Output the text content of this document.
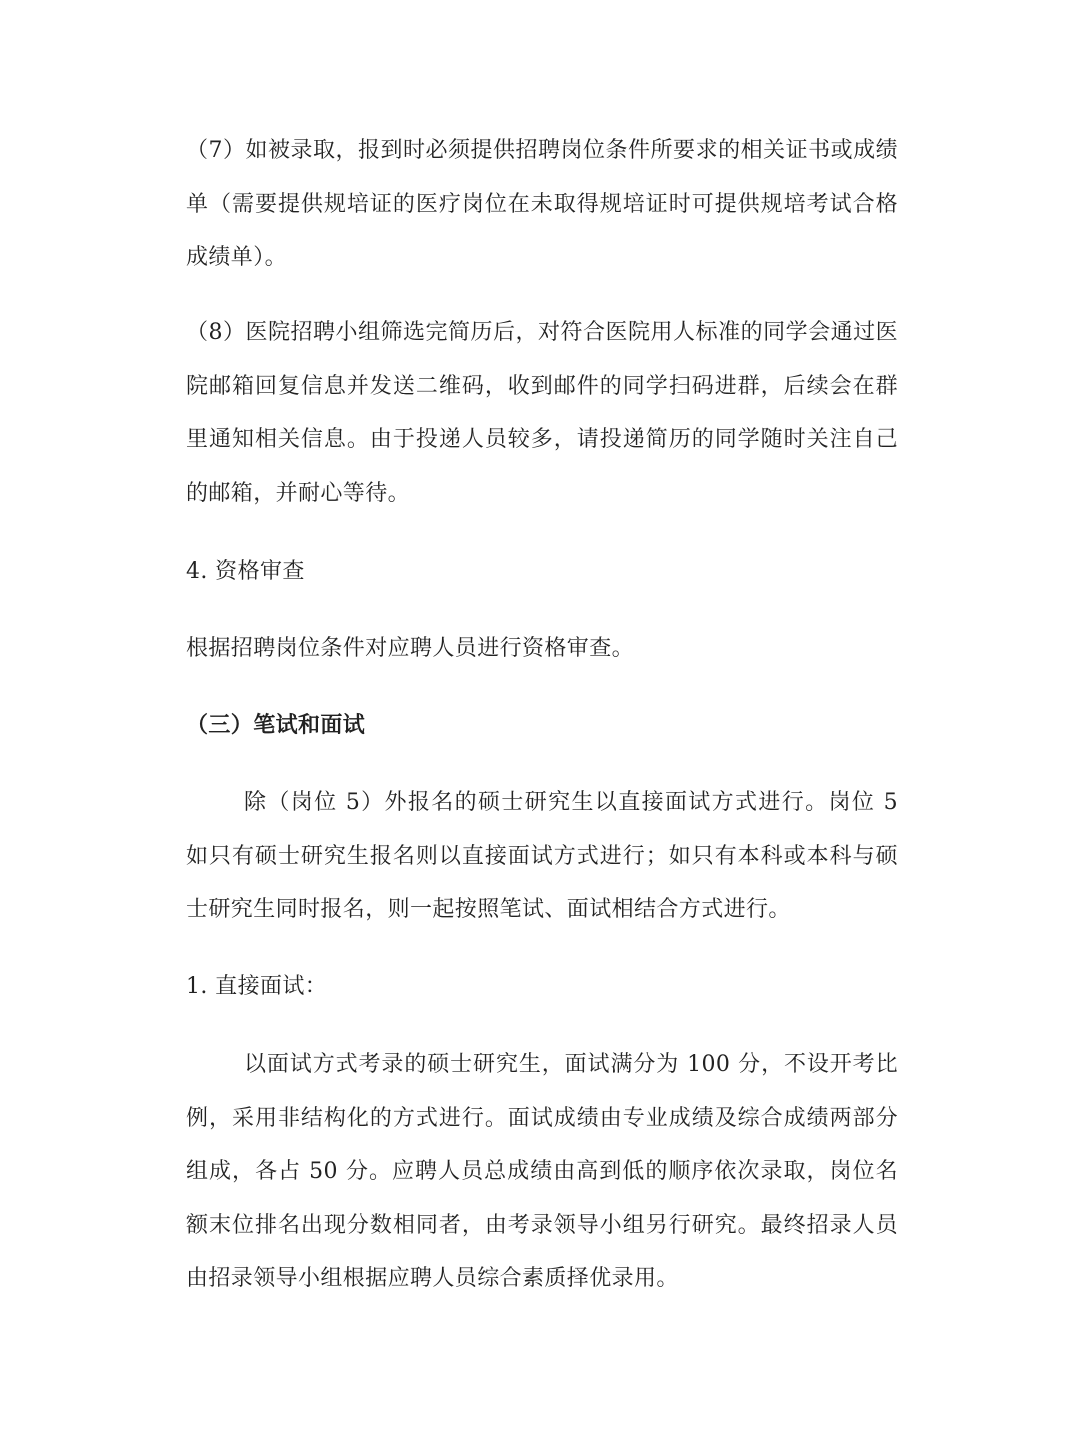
（7）如被录取，报到时必须提供招聘岗位条件所要求的相关证书或成绩单（需要提供规培证的医疗岗位在未取得规培证时可提供规培考试合格成绩单）。

（8）医院招聘小组筛选完简历后，对符合医院用人标准的同学会通过医院邮箱回复信息并发送二维码，收到邮件的同学扫码进群，后续会在群里通知相关信息。由于投递人员较多，请投递简历的同学随时关注自己的邮箱，并耐心等待。

4. 资格审查

根据招聘岗位条件对应聘人员进行资格审查。

（三）笔试和面试

除（岗位 5）外报名的硕士研究生以直接面试方式进行。岗位 5 如只有硕士研究生报名则以直接面试方式进行；如只有本科或本科与硕士研究生同时报名，则一起按照笔试、面试相结合方式进行。

1. 直接面试：

以面试方式考录的硕士研究生，面试满分为 100 分，不设开考比例，采用非结构化的方式进行。面试成绩由专业成绩及综合成绩两部分组成，各占 50 分。应聘人员总成绩由高到低的顺序依次录取，岗位名额末位排名出现分数相同者，由考录领导小组另行研究。最终招录人员由招录领导小组根据应聘人员综合素质择优录用。
